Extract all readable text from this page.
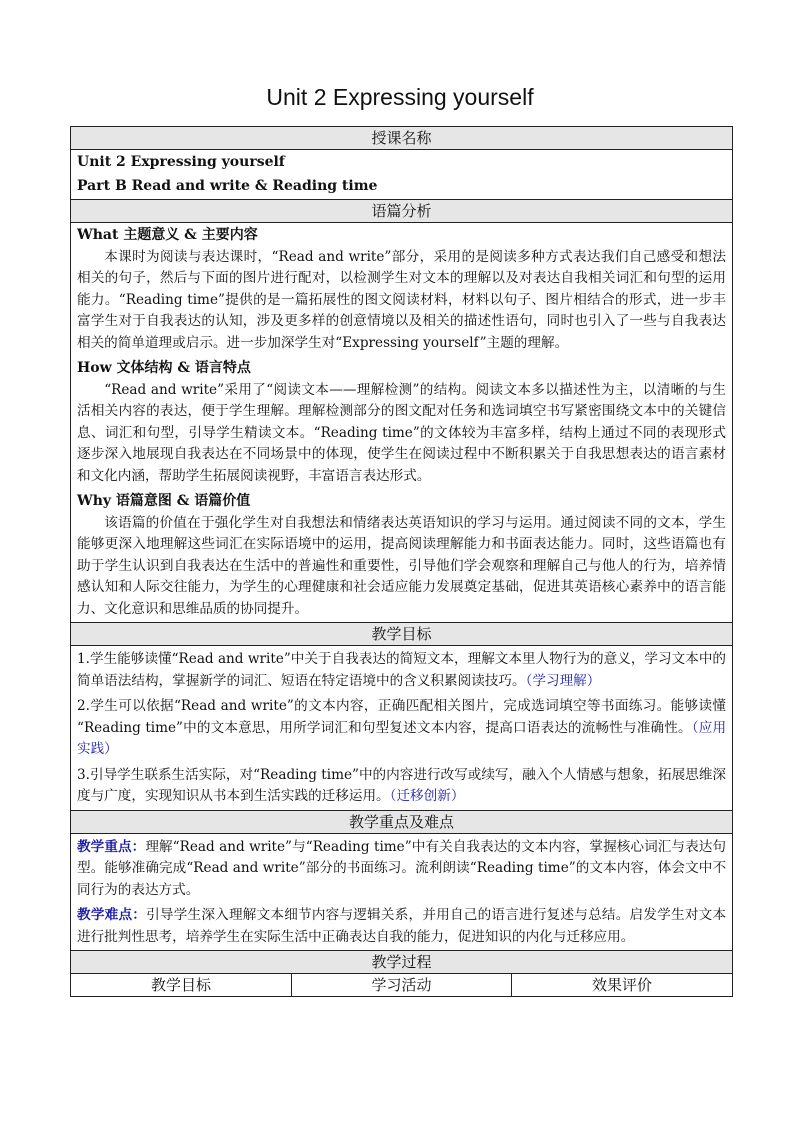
Unit 2 Expressing yourself
授课名称

Unit 2 Expressing yourself

Part B Read and write & Reading time

语篇分析

What 主题意义 & 主要内容

本课时为阅读与表达课时，“Read and write”部分，采用的是阅读多种方式表达我们自己感受和想法相关的句子，然后与下面的图片进行配对，以检测学生对文本的理解以及对表达自我相关词汇和句型的运用能力。“Reading time”提供的是一篇拓展性的图文阅读材料，材料以句子、图片相结合的形式，进一步丰富学生对于自我表达的认知，涉及更多样的创意情境以及相关的描述性语句，同时也引入了一些与自我表达相关的简单道理或启示。进一步加深学生对“Expressing yourself”主题的理解。

How 文体结构 & 语言特点

“Read and write”采用了“阅读文本——理解检测”的结构。阅读文本多以描述性为主，以清晰的与生活相关内容的表达，便于学生理解。理解检测部分的图文配对任务和选词填空书写紧密围绕文本中的关键信息、词汇和句型，引导学生精读文本。“Reading time”的文体较为丰富多样，结构上通过不同的表现形式逐步深入地展现自我表达在不同场景中的体现，使学生在阅读过程中不断积累关于自我思想表达的语言素材和文化内涵，帮助学生拓展阅读视野，丰富语言表达形式。

Why 语篇意图 & 语篇价值

该语篇的价值在于强化学生对自我想法和情绪表达英语知识的学习与运用。通过阅读不同的文本，学生能够更深入地理解这些词汇在实际语境中的运用，提高阅读理解能力和书面表达能力。同时，这些语篇也有助于学生认识到自我表达在生活中的普遍性和重要性，引导他们学会观察和理解自己与他人的行为，培养情感认知和人际交往能力，为学生的心理健康和社会适应能力发展奠定基础，促进其英语核心素养中的语言能力、文化意识和思维品质的协同提升。

教学目标

1.学生能够读懂“Read and write”中关于自我表达的简短文本，理解文本里人物行为的意义，学习文本中的简单语法结构，掌握新学的词汇、短语在特定语境中的含义积累阅读技巧。（学习理解）

2.学生可以依据“Read and write”的文本内容，正确匹配相关图片，完成选词填空等书面练习。能够读懂 “Reading time”中的文本意思，用所学词汇和句型复述文本内容，提高口语表达的流畅性与准确性。（应用实践）

3.引导学生联系生活实际，对“Reading time”中的内容进行改写或续写，融入个人情感与想象，拓展思维深度与广度，实现知识从书本到生活实践的迁移运用。（迁移创新）

教学重点及难点

教学重点：理解“Read and write”与“Reading time”中有关自我表达的文本内容，掌握核心词汇与表达句型。能够准确完成“Read and write”部分的书面练习。流利朗读“Reading time”的文本内容，体会文中不同行为的表达方式。

教学难点：引导学生深入理解文本细节内容与逻辑关系，并用自己的语言进行复述与总结。启发学生对文本进行批判性思考，培养学生在实际生活中正确表达自我的能力，促进知识的内化与迁移应用。

教学过程
教学目标	学习活动	效果评价
